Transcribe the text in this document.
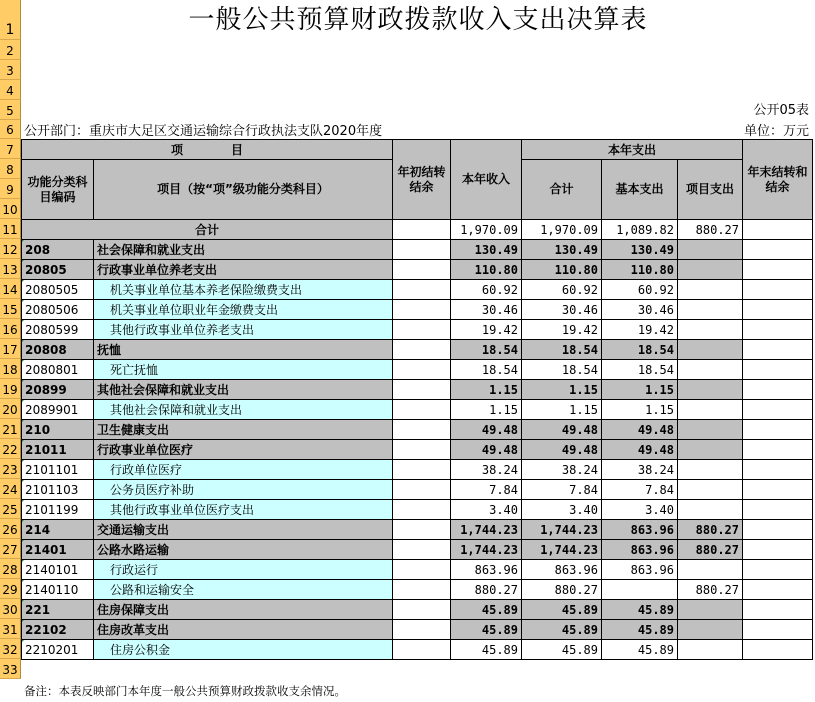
1
2
3
4
5
6
7
8
9
10
11
12
13
14
15
16
17
18
19
20
21
22
23
24
25
26
27
28
29
30
31
32
33
一般公共预算财政拨款收入支出决算表
公开05表
单位：万元
公开部门：重庆市大足区交通运输综合行政执法支队2020年度
项　　　　目		年初结转结余	本年收入	本年支出			年末结转和结余
功能分类科目编码	项目（按“项”级功能分类科目）			合计	基本支出	项目支出	

合计			1,970.09	1,970.09	1,089.82	880.27	

208	社会保障和就业支出		130.49	130.49	130.49		

20805	行政事业单位养老支出		110.80	110.80	110.80		

2080505	机关事业单位基本养老保险缴费支出		60.92	60.92	60.92		

2080506	机关事业单位职业年金缴费支出		30.46	30.46	30.46		

2080599	其他行政事业单位养老支出		19.42	19.42	19.42		

20808	抚恤		18.54	18.54	18.54		

2080801	死亡抚恤		18.54	18.54	18.54		

20899	其他社会保障和就业支出		1.15	1.15	1.15		

2089901	其他社会保障和就业支出		1.15	1.15	1.15		

210	卫生健康支出		49.48	49.48	49.48		

21011	行政事业单位医疗		49.48	49.48	49.48		

2101101	行政单位医疗		38.24	38.24	38.24		

2101103	公务员医疗补助		7.84	7.84	7.84		

2101199	其他行政事业单位医疗支出		3.40	3.40	3.40		

214	交通运输支出		1,744.23	1,744.23	863.96	880.27	

21401	公路水路运输		1,744.23	1,744.23	863.96	880.27	

2140101	行政运行		863.96	863.96	863.96		

2140110	公路和运输安全		880.27	880.27		880.27	

221	住房保障支出		45.89	45.89	45.89		

22102	住房改革支出		45.89	45.89	45.89		

2210201	住房公积金		45.89	45.89	45.89		
备注：本表反映部门本年度一般公共预算财政拨款收支余情况。
